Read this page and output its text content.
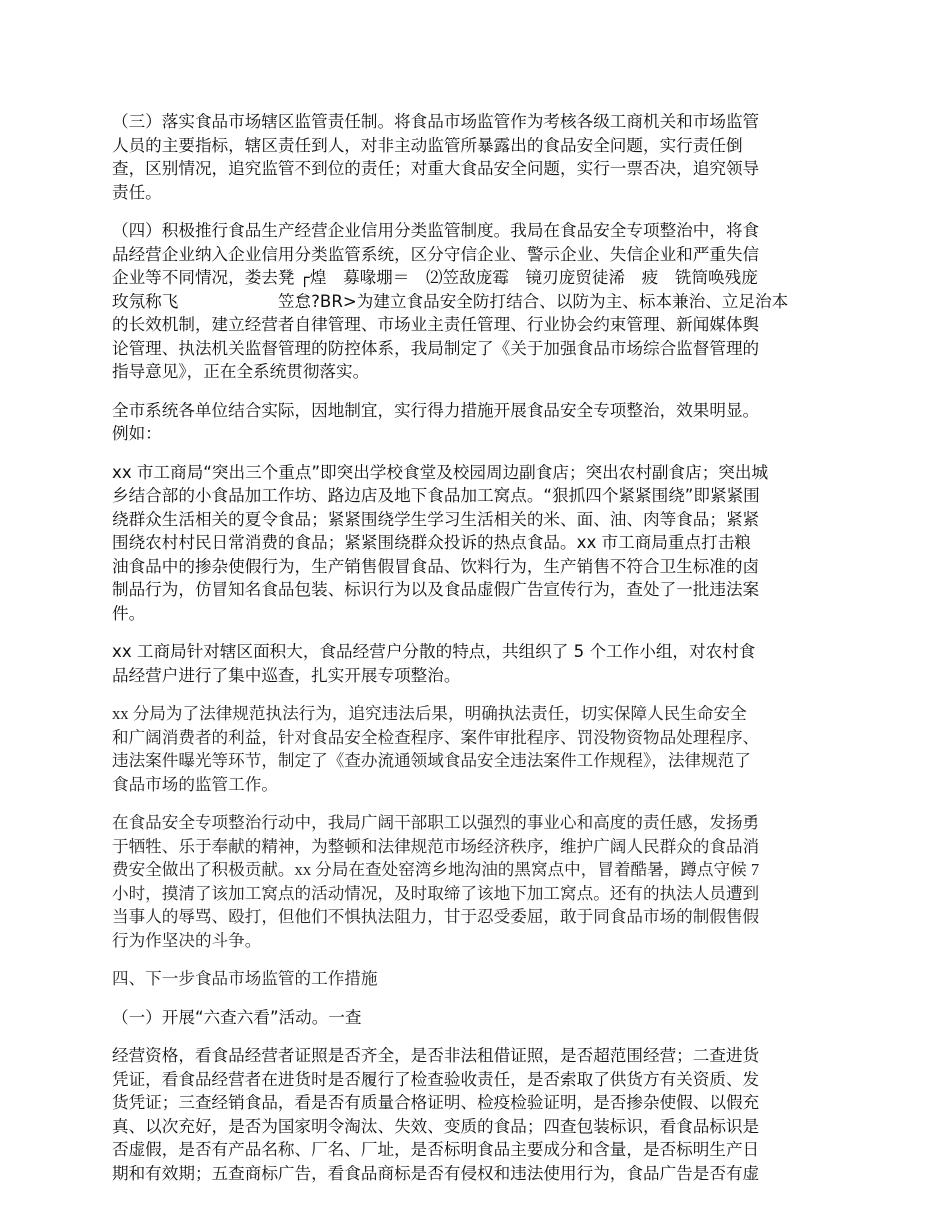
（三）落实食品市场辖区监管责任制。将食品市场监管作为考核各级工商机关和市场监管
人员的主要指标，辖区责任到人，对非主动监管所暴露出的食品安全问题，实行责任倒
查，区别情况，追究监管不到位的责任；对重大食品安全问题，实行一票否决，追究领导
责任。
（四）积极推行食品生产经营企业信用分类监管制度。我局在食品安全专项整治中，将食
品经营企业纳入企业信用分类监管系统，区分守信企业、警示企业、失信企业和严重失信
企业等不同情况，娄去凳 ┌煌　募喙堋＝　⑵笠敌庞霉　镜刃庞贸徒浠　疲　铣筒唤残庞
玫氖称飞　　　　　　笠怠?BR>为建立食品安全防打结合、以防为主、标本兼治、立足治本
的长效机制，建立经营者自律管理、市场业主责任管理、行业协会约束管理、新闻媒体舆
论管理、执法机关监督管理的防控体系，我局制定了《关于加强食品市场综合监督管理的
指导意见》，正在全系统贯彻落实。
全市系统各单位结合实际，因地制宜，实行得力措施开展食品安全专项整治，效果明显。
例如：
xx 市工商局“突出三个重点”即突出学校食堂及校园周边副食店；突出农村副食店；突出城
乡结合部的小食品加工作坊、路边店及地下食品加工窝点。“狠抓四个紧紧围绕”即紧紧围
绕群众生活相关的夏令食品；紧紧围绕学生学习生活相关的米、面、油、肉等食品；紧紧
围绕农村村民日常消费的食品；紧紧围绕群众投诉的热点食品。xx 市工商局重点打击粮
油食品中的掺杂使假行为，生产销售假冒食品、饮料行为，生产销售不符合卫生标准的卤
制品行为，仿冒知名食品包装、标识行为以及食品虚假广告宣传行为，查处了一批违法案
件。
xx 工商局针对辖区面积大，食品经营户分散的特点，共组织了 5 个工作小组，对农村食
品经营户进行了集中巡查，扎实开展专项整治。
xx 分局为了法律规范执法行为，追究违法后果，明确执法责任，切实保障人民生命安全
和广阔消费者的利益，针对食品安全检查程序、案件审批程序、罚没物资物品处理程序、
违法案件曝光等环节，制定了《查办流通领域食品安全违法案件工作规程》，法律规范了
食品市场的监管工作。
在食品安全专项整治行动中，我局广阔干部职工以强烈的事业心和高度的责任感，发扬勇
于牺牲、乐于奉献的精神，为整顿和法律规范市场经济秩序，维护广阔人民群众的食品消
费安全做出了积极贡献。xx 分局在查处窑湾乡地沟油的黑窝点中，冒着酷暑，蹲点守候 7
小时，摸清了该加工窝点的活动情况，及时取缔了该地下加工窝点。还有的执法人员遭到
当事人的辱骂、殴打，但他们不惧执法阻力，甘于忍受委屈，敢于同食品市场的制假售假
行为作坚决的斗争。
四、下一步食品市场监管的工作措施
（一）开展“六查六看”活动。一查
经营资格，看食品经营者证照是否齐全，是否非法租借证照，是否超范围经营；二查进货
凭证，看食品经营者在进货时是否履行了检查验收责任，是否索取了供货方有关资质、发
货凭证；三查经销食品，看是否有质量合格证明、检疫检验证明，是否掺杂使假、以假充
真、以次充好，是否为国家明令淘汰、失效、变质的食品；四查包装标识，看食品标识是
否虚假，是否有产品名称、厂名、厂址，是否标明食品主要成分和含量，是否标明生产日
期和有效期；五查商标广告，看食品商标是否有侵权和违法使用行为，食品广告是否有虚
